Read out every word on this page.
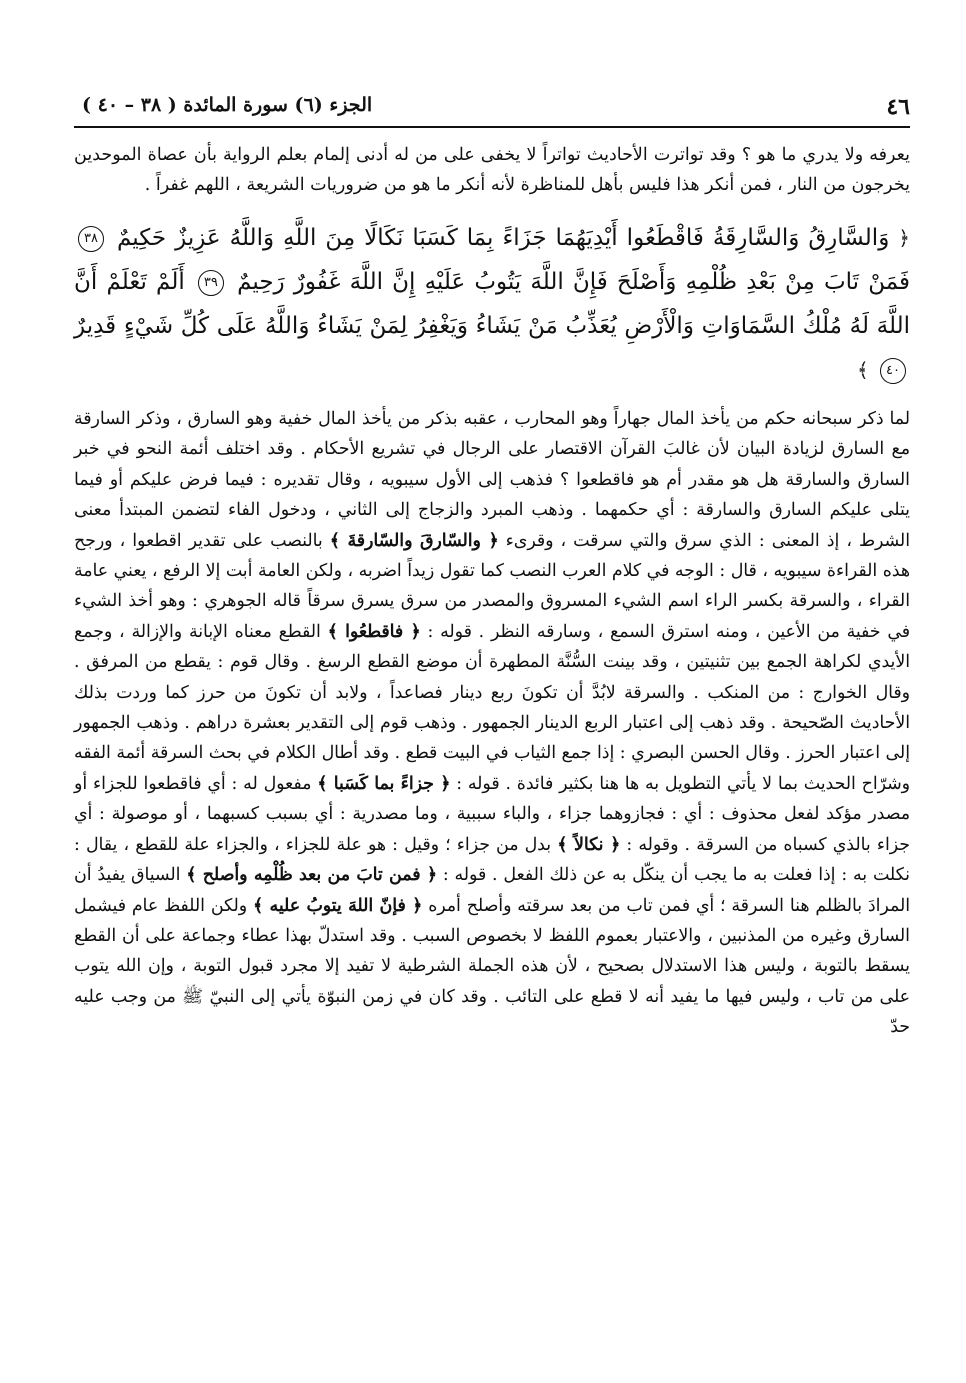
٤٦
الجزء (٦) سورة المائدة ( ٣٨ – ٤٠ )

يعرفه ولا يدري ما هو ؟ وقد تواترت الأحاديث تواتراً لا يخفى على من له أدنى إلمام بعلم الرواية بأن عصاة الموحدين يخرجون من النار ، فمن أنكر هذا فليس بأهل للمناظرة لأنه أنكر ما هو من ضروريات الشريعة ، اللهم غفراً .

﴿ وَالسَّارِقُ وَالسَّارِقَةُ فَاقْطَعُوا أَيْدِيَهُمَا جَزَاءً بِمَا كَسَبَا نَكَالًا مِنَ اللَّهِ وَاللَّهُ عَزِيزٌ حَكِيمٌ ٣٨ فَمَنْ تَابَ مِنْ بَعْدِ ظُلْمِهِ وَأَصْلَحَ فَإِنَّ اللَّهَ يَتُوبُ عَلَيْهِ إِنَّ اللَّهَ غَفُورٌ رَحِيمٌ ٣٩ أَلَمْ تَعْلَمْ أَنَّ اللَّهَ لَهُ مُلْكُ السَّمَاوَاتِ وَالْأَرْضِ يُعَذِّبُ مَنْ يَشَاءُ وَيَغْفِرُ لِمَنْ يَشَاءُ وَاللَّهُ عَلَى كُلِّ شَيْءٍ قَدِيرٌ ٤٠ ﴾

لما ذكر سبحانه حكم من يأخذ المال جهاراً وهو المحارب ، عقبه بذكر من يأخذ المال خفية وهو السارق ، وذكر السارقة مع السارق لزيادة البيان لأن غالبَ القرآن الاقتصار على الرجال في تشريع الأحكام . وقد اختلف أئمة النحو في خبر السارق والسارقة هل هو مقدر أم هو فاقطعوا ؟ فذهب إلى الأول سيبويه ، وقال تقديره : فيما فرض عليكم أو فيما يتلى عليكم السارق والسارقة : أي حكمهما . وذهب المبرد والزجاج إلى الثاني ، ودخول الفاء لتضمن المبتدأ معنى الشرط ، إذ المعنى : الذي سرق والتي سرقت ، وقرىء ﴿ والسّارقَ والسّارقةَ ﴾ بالنصب على تقدير اقطعوا ، ورجح هذه القراءة سيبويه ، قال : الوجه في كلام العرب النصب كما تقول زيداً اضربه ، ولكن العامة أبت إلا الرفع ، يعني عامة القراء ، والسرقة بكسر الراء اسم الشيء المسروق والمصدر من سرق يسرق سرقاً قاله الجوهري : وهو أخذ الشيء في خفية من الأعين ، ومنه استرق السمع ، وسارقه النظر . قوله : ﴿ فاقطعُوا ﴾ القطع معناه الإبانة والإزالة ، وجمع الأيدي لكراهة الجمع بين تثنيتين ، وقد بينت السُّنَّة المطهرة أن موضع القطع الرسغ . وقال قوم : يقطع من المرفق . وقال الخوارج : من المنكب . والسرقة لابُدَّ أن تكونَ ربع دينار فصاعداً ، ولابد أن تكونَ من حرز كما وردت بذلك الأحاديث الصّحيحة . وقد ذهب إلى اعتبار الربع الدينار الجمهور . وذهب قوم إلى التقدير بعشرة دراهم . وذهب الجمهور إلى اعتبار الحرز . وقال الحسن البصري : إذا جمع الثياب في البيت قطع . وقد أطال الكلام في بحث السرقة أئمة الفقه وشرّاح الحديث بما لا يأتي التطويل به ها هنا بكثير فائدة . قوله : ﴿ جزاءً بما كَسَبا ﴾ مفعول له : أي فاقطعوا للجزاء أو مصدر مؤكد لفعل محذوف : أي : فجازوهما جزاء ، والباء سببية ، وما مصدرية : أي بسبب كسبهما ، أو موصولة : أي جزاء بالذي كسباه من السرقة . وقوله : ﴿ نكالاً ﴾ بدل من جزاء ؛ وقيل : هو علة للجزاء ، والجزاء علة للقطع ، يقال : نكلت به : إذا فعلت به ما يجب أن ينكّل به عن ذلك الفعل . قوله : ﴿ فمن تابَ من بعد ظُلْمِه وأصلح ﴾ السياق يفيدُ أن المرادَ بالظلم هنا السرقة ؛ أي فمن تاب من بعد سرقته وأصلح أمره ﴿ فإنّ اللهَ يتوبُ عليه ﴾ ولكن اللفظ عام فيشمل السارق وغيره من المذنبين ، والاعتبار بعموم اللفظ لا بخصوص السبب . وقد استدلّ بهذا عطاء وجماعة على أن القطع يسقط بالتوبة ، وليس هذا الاستدلال بصحيح ، لأن هذه الجملة الشرطية لا تفيد إلا مجرد قبول التوبة ، وإن الله يتوب على من تاب ، وليس فيها ما يفيد أنه لا قطع على التائب . وقد كان في زمن النبوّة يأتي إلى النبيّ ﷺ من وجب عليه حدّ
